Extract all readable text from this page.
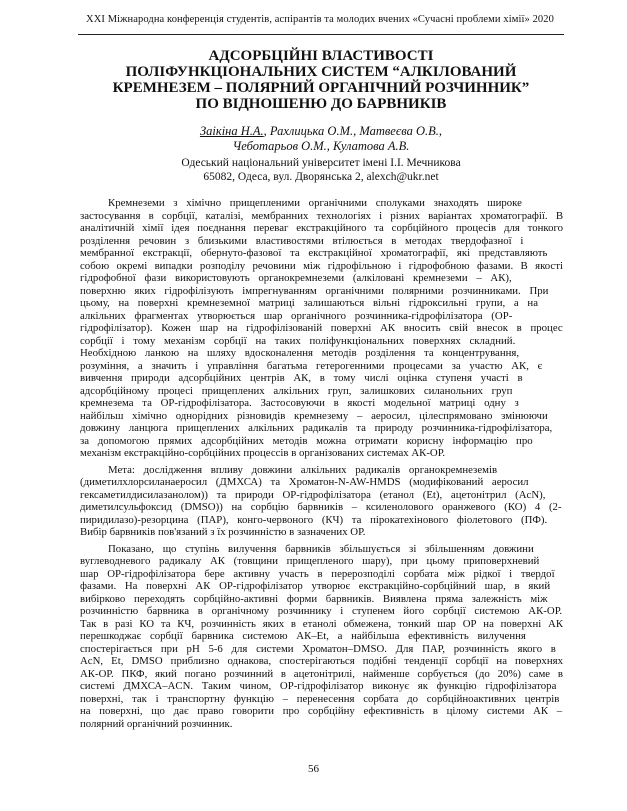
XXI Міжнародна конференція студентів, аспірантів та молодих вчених «Сучасні проблеми хімії» 2020
АДСОРБЦІЙНІ ВЛАСТИВОСТІ
ПОЛІФУНКЦІОНАЛЬНИХ СИСТЕМ “АЛКІЛОВАНИЙ
КРЕМНЕЗЕМ – ПОЛЯРНИЙ ОРГАНІЧНИЙ РОЗЧИННИК”
ПО ВІДНОШЕНЮ ДО БАРВНИКІВ
Заікіна Н.А., Рахлицька О.М., Матвеєва О.В.,
Чеботарьов О.М., Кулатова А.В.
Одеський національний університет імені І.І. Мечникова
65082, Одеса, вул. Дворянська 2, alexch@ukr.net
Кремнеземи з хімічно прищепленими органічними сполуками знаходять широке
застосування в сорбції, каталізі, мембранних технологіях і різних варіантах хроматографії. В
аналітичній хімії ідея поєднання переваг екстракційного та сорбційного процесів для тонкого
розділення речовин з близькими властивостями втілюється в методах твердофазної і
мембранної екстракції, обернуто-фазової та екстракційної хроматографії, які представляють
собою окремі випадки розподілу речовини між гідрофільною і гідрофобною фазами. В якості
гідрофобної фази використовують органокремнеземи (алкіловані кремнеземи – АК),
поверхню яких гідрофілізують імпрегнуванням органічними полярними розчинниками. При
цьому, на поверхні кремнеземної матриці залишаються вільні гідроксильні групи, а на
алкільних фрагментах утворюється шар органічного розчинника-гідрофілізатора (ОР-
гідрофілізатор). Кожен шар на гідрофілізованій поверхні АК вносить свій внесок в процес
сорбції і тому механізм сорбції на таких поліфункціональних поверхнях складний.
Необхідною ланкою на шляху вдосконалення методів розділення та концентрування,
розуміння, а значить і управління багатьма гетерогенними процесами за участю АК, є
вивчення природи адсорбційних центрів АК, в тому числі оцінка ступеня участі в
адсорбційному процесі прищеплених алкільних груп, залишкових силанольних груп
кремнезема та ОР-гідрофілізатора. Застосовуючи в якості модельної матриці одну з
найбільш хімічно однорідних різновидів кремнезему – аеросил, цілеспрямовано змінюючи
довжину ланцюга прищеплених алкільних радикалів та природу розчинника-гідрофілізатора,
за допомогою прямих адсорбційних методів можна отримати корисну інформацію про
механізм екстракційно-сорбційних процессів в організованих системах АК-ОР.
Мета: дослідження впливу довжини алкільних радикалів органокремнеземів
(диметилхлорсиланаеросил (ДМХСА) та Хроматон-N-AW-HMDS (модифікований аеросил
гексаметилдисилазанолом)) та природи ОР-гідрофілізатора (етанол (Et), ацетонітрил (AcN),
диметилсульфоксид (DMSO)) на сорбцію барвників – ксиленолового оранжевого (КО) 4 (2-
пиридилазо)-резорцина (ПАР), конго-червоного (КЧ) та пірокатехінового фіолетового (ПФ).
Вибір барвників пов'язаний з їх розчинністю в зазначених ОР.
Показано, що ступінь вилучення барвників збільшується зі збільшенням довжини
вуглеводневого радикалу АК (товщини прищепленого шару), при цьому приповерхневий
шар ОР-гідрофілізатора бере активну участь в перерозподілі сорбата між рідкої і твердої
фазами. На поверхні АК ОР-гідрофілізатор утворює екстракційно-сорбційний шар, в який
вибірково переходять сорбційно-активні форми барвників. Виявлена пряма залежність між
розчинністю барвника в органічному розчиннику і ступенем його сорбції системою АК-ОР.
Так в разі КО та КЧ, розчинність яких в етанолі обмежена, тонкий шар ОР на поверхні АК
перешкоджає сорбції барвника системою АК–Et, а найбільша ефективність вилучення
спостерігається при рН 5-6 для системи Хроматон–DMSO. Для ПАР, розчинність якого в
AcN, Et, DMSO приблизно однакова, спостерігаються подібні тенденції сорбції на поверхнях
АК-ОР. ПКФ, який погано розчинний в ацетонітрилі, найменше сорбується (до 20%) саме в
системі ДМХСА–ACN. Таким чином, ОР-гідрофілізатор виконує як функцію гідрофілізатора
поверхні, так і транспортну функцію – перенесення сорбата до сорбційноактивних центрів
на поверхні, що дає право говорити про сорбційну ефективність в цілому системи АК –
полярний органічний розчинник.
56
